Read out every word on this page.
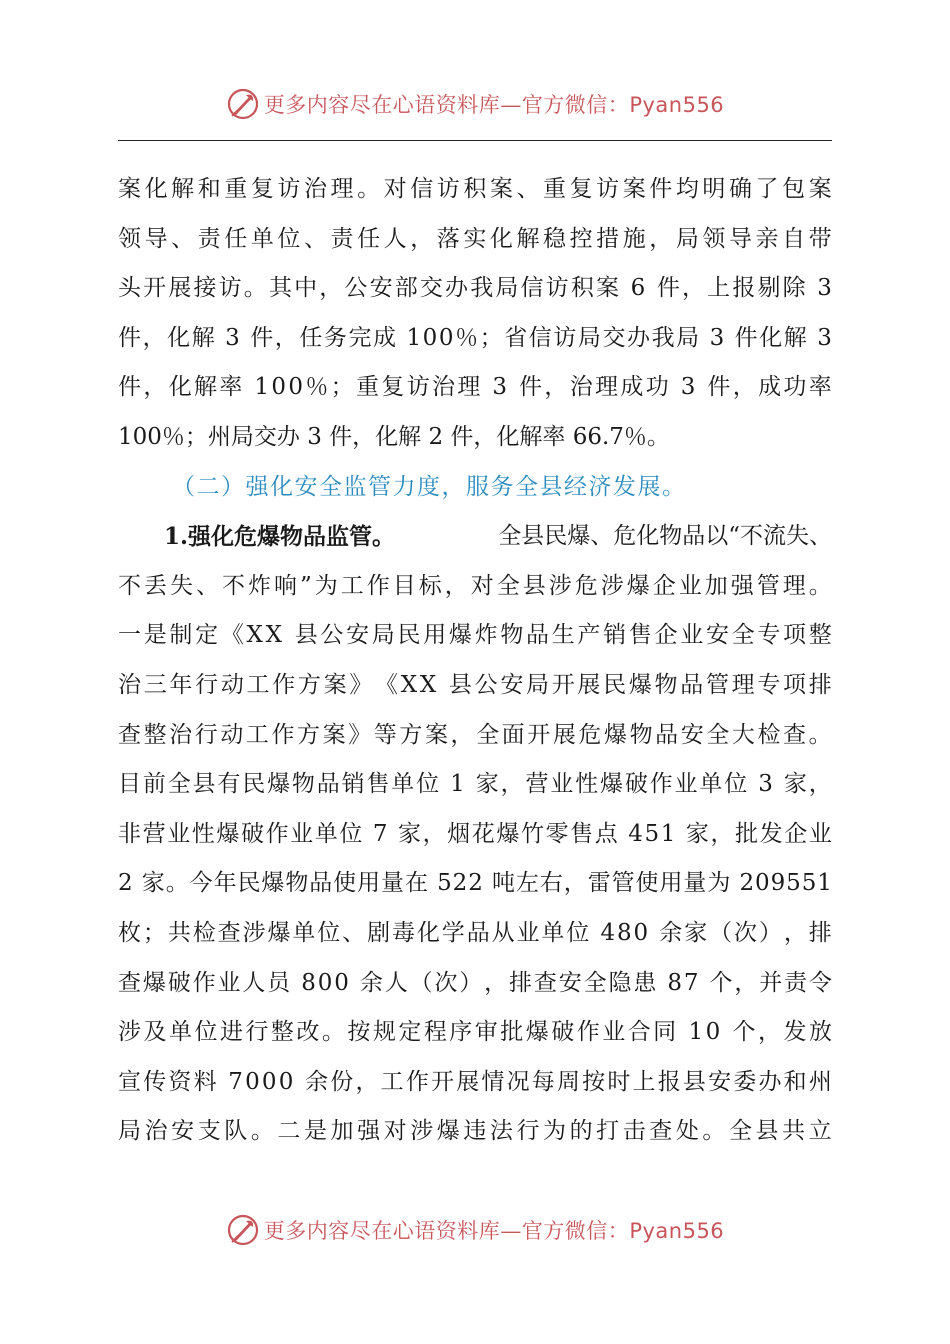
更多内容尽在心语资料库—官方微信：Pyan556
案 化 解 和 重 复 访 治 理 。 对 信 访 积 案 、 重 复 访 案 件 均 明 确 了 包 案
领 导 、 责 任 单 位 、 责 任 人 ， 落 实 化 解 稳 控 措 施 ， 局 领 导 亲 自 带
头 开 展 接 访 。 其 中 ， 公 安 部 交 办 我 局 信 访 积 案
6
件 ， 上 报 剔 除
3
件 ， 化 解
3
件 ， 任 务 完 成
1 0 0 ％ ； 省 信 访 局 交 办 我 局
3
件 化 解
3
件 ， 化 解 率
1 0 0 ％ ； 重 复 访 治 理
3
件 ， 治 理 成 功
3
件 ， 成 功 率
100％；州局交办 3 件，化解 2 件，化解率 66.7％。
（二）强化安全监管力度，服务全县经济发展。
1.强化危爆物品监管。	全县民爆、危化物品以“不流失、
不 丢 失 、 不 炸 响 ” 为 工 作 目 标 ， 对 全 县 涉 危 涉 爆 企 业 加 强 管 理 。
一 是 制 定 《 X X
县 公 安 局 民 用 爆 炸 物 品 生 产 销 售 企 业 安 全 专 项 整
治 三 年 行 动 工 作 方 案 》 《 X X
县 公 安 局 开 展 民 爆 物 品 管 理 专 项 排
查 整 治 行 动 工 作 方 案 》 等 方 案 ， 全 面 开 展 危 爆 物 品 安 全 大 检 查 。
目 前 全 县 有 民 爆 物 品 销 售 单 位
1
家 ， 营 业 性 爆 破 作 业 单 位
3
家 ，
非 营 业 性 爆 破 作 业 单 位
7
家 ， 烟 花 爆 竹 零 售 点
4 5 1
家 ， 批 发 企 业
2
家 。 今 年 民 爆 物 品 使 用 量 在
5 2 2
吨 左 右 ， 雷 管 使 用 量 为
2 0 9 5 5 1
枚 ； 共 检 查 涉 爆 单 位 、 剧 毒 化 学 品 从 业 单 位
4 8 0
余 家 （ 次 ） ， 排
查 爆 破 作 业 人 员
8 0 0
余 人 （ 次 ） ， 排 查 安 全 隐 患
8 7
个 ， 并 责 令
涉 及 单 位 进 行 整 改 。 按 规 定 程 序 审 批 爆 破 作 业 合 同
1 0
个 ， 发 放
宣 传 资 料
7 0 0 0
余 份 ， 工 作 开 展 情 况 每 周 按 时 上 报 县 安 委 办 和 州
局 治 安 支 队 。 二 是 加 强 对 涉 爆 违 法 行 为 的 打 击 查 处 。 全 县 共 立
更多内容尽在心语资料库—官方微信：Pyan556
